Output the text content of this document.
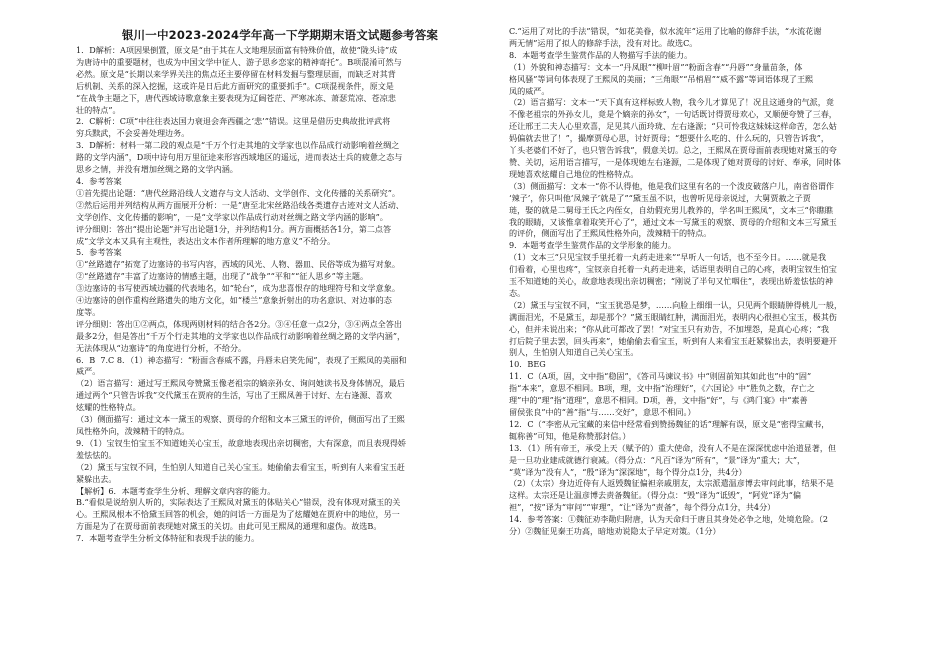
银川一中2023-2024学年高一下学期期末语文试题参考答案

1．D解析：A项因果倒置，原文是“由于其在人文地理层面富有特殊价值，故使“陇头诗”成

为唐诗中的重要题材，也成为中国文学中征人、游子思乡恋家的精神寄托”。B项混淆可然与

必然。原文是“长期以来学界关注的焦点还主要停留在材料发掘与整理层面，而缺乏对其背

后机制、关系的深入挖掘，这或许是日后此方面研究的重要抓手”。C项混视条件，原文是

“在战争主题之下，唐代西域诗歌意象主要表现为辽阔苍茫、严寒冰冻、萧瑟荒凉、苍凉悲

壮的特点”。

2．C解析：C项“中往往表达国力衰退会奔西疆之‘悲’”错误。这里是借历史典故批评武将

穷兵黩武，不会妥善处理边务。

3．D解析：材料一第二段的观点是“千万个行走其地的文学家也以作品成行动影响着丝绸之

路的文学内涵”，D项中诗句用万里征途来形容西域地区的遥远，进而表达士兵的疲惫之态与

思乡之情，并没有增加丝绸之路的文学内涵。

4．参考答案

①首先提出论题：“唐代丝路沿线人文遗存与文人活动、文学创作、文化传播的关系研究”。

②然后运用并列结构从两方面展开分析：一是“唐至北宋丝路沿线各类遗存古迹对文人活动、

文学创作、文化传播的影响”，一是“文学家以作品成行动对丝绸之路文学内涵的影响”。

评分细则：答出“提出论题”并写出论题1分，并列结构1分。两方面概括各1分，第二点答

成“文学文本又具有主观性，表达出文本作者所理解的地方意义”不给分。

5．参考答案

①“丝路遗存”拓宽了边塞诗的书写内容，西域的风光、人物、器皿、民俗等成为描写对象。

②“丝路遗存”丰富了边塞诗的情感主题，出现了“战争”“平和”“征人思乡”等主题。

③边塞诗的书写使西域边疆的代表地名，如“轮台”，成为悲喜恨存的地理符号和文学意象。

④边塞诗的创作重构丝路遗失的地方文化，如“楼兰”意象折射出的功名意识、对边事的态

度等。

评分细则：答出①②两点，体现两则材料的结合各2分。③④任意一点2分，③④两点全答出

最多2分，但是答出“千万个行走其地的文学家也以作品成行动影响着丝绸之路的文学内涵”，

无法体现从“边塞诗”的角度进行分析，不给分。

6．B  7.C 8．（1）神态描写：“粉面含春威不露，丹唇未启笑先闻”，表现了王熙凤的美丽和

威严。

（2）语言描写：通过写王熙凤夸赞黛玉像老祖宗的嫡亲孙女、询问她读书及身体情况，最后

通过两个“只管告诉我”交代黛玉在贾府的生活，写出了王熙凤善于讨好、左右逢源、喜欢

炫耀的性格特点。

（3）侧面描写：通过文本一黛玉的观察、贾母的介绍和文本三黛玉的评价，侧面写出了王熙

凤性格外向，泼辣精干的特点。

9．（1）宝钗生怕宝玉不知道她关心宝玉，故意地表现出亲切稠密，大有深意，而且表现得娇

羞怯怯的。

（2）黛玉与宝钗不同，生怕别人知道自己关心宝玉。她偷偷去看宝玉，听到有人来看宝玉赶

紧躲出去。

【解析】6．本题考查学生分析、理解文章内容的能力。

B.“看似是说给别人听的，实际表达了王熙凤对黛玉的体贴关心”错误，没有体现对黛玉的关

心。王熙凤根本不恰黛玉回答的机会，她的问话一方面是为了炫耀她在贾府中的地位，另一

方面是为了在贾母面前表现她对黛玉的关切。由此可见王熙凤的通理和虚伪。故选B。

7．本题考查学生分析文体特征和表现手法的能力。

C.“运用了对比的手法”错误，“如花美眷，似水流年”运用了比喻的修辞手法，“水流花谢

两无情”运用了拟人的修辞手法，没有对比。故选C。

8．本题考查学生鉴赏作品的人物描写手法的能力。

（1）外貌和神态描写：文本一“丹凤眼”“柳叶眉”“粉面含春”“丹唇”“身量苗条，体

格风骚”等词句体表现了王熙凤的美丽；“三角眼”“吊梢眉”“威不露”等词语体现了王熙

凤的威严。

（2）语言描写：文本一“天下真有这样标致人物，我今儿才算见了！况且这通身的气派，竟

不像老祖宗的外孙女儿，竟是个嫡亲的孙女”，一句话既讨得贾母欢心，又顺便夸赞了三春，

还让邢王二夫人心里欢喜，足见其八面玲珑、左右逢源；“只可怜我这妹妹这样命苦，怎么姑

妈偏就去世了！”，撮摩贾母心思，讨好贾母；“想要什么吃的、什么玩的，只管告诉我”，

丫头老婆们不好了，也只管告诉我”，假意关切。总之，王熙凤在贾母面前表现她对黛玉的夸

赞、关切，运用语言描写，一是体现她左右逢源，二是体现了她对贾母的讨好、奉承，同时体

现她喜欢炫耀自己地位的性格特点。

（3）侧面描写：文本一“你不认得他，他是我们这里有名的一个泼皮破落户儿，南省俗谓作

‘辣子’，你只叫他‘凤辣子’就是了”“黛玉虽不识，也曾听见母亲说过，大舅贾赦之子贾

琏，娶的就是二舅母王氏之内侄女，自幼假充男儿教养的，学名叫王熙凤”，文本三“你瞧瞧

我的眼睛，又该惟拿着取笑开心了”，通过文本一写黛玉的观察、贾母的介绍和文本三写黛玉

的评价，侧面写出了王熙凤性格外向，泼辣精干的特点。

9．本题考查学生鉴赏作品的文学形象的能力。

（1）文本三“只见宝钗手里托着一丸药走进来”“早听人一句话，也不至今日。……就是我

们看着，心里也疼”，宝钗亲自托着一丸药走进来，话语里表明自己的心疼，表明宝钗生怕宝

玉不知道她的关心，故意地表现出亲切稠密；“刚说了半句又忙咽住”，表现出娇羞怯怯的神

态。

（2）黛玉与宝钗不同，“宝玉犹恐是梦，……向脸上细细一认，只见两个眼睛肿得桃儿一般，

满面泪光，不是黛玉，却是那个？”黛玉眼睛红肿，满面泪光，表明内心很担心宝玉，极其伤

心，但并未说出来；“你从此可都改了罢！”对宝玉只有劝告，不加埋怨，是真心心疼；“我

打后院子里去罢，回头再来”，她偷偷去看宝玉，听到有人来看宝玉赶紧躲出去，表明要避开

别人，生怕别人知道自己关心宝玉。

10．BEG

11．C（A项，固，文中指“稳固”，《答司马谏议书》中“则固前知其如此也”中的“固”

指“本来”，意思不相同。B项，理，文中指“治理好”，《六国论》中“胜负之数，存亡之

理”中的“理”指“道理”，意思不相同。D项，善，文中指“好”，与《鸿门宴》中“素善

留侯张良”中的“善”指“与……交好”，意思不相同。）

12．C（“李密从元宝藏的来信中经常看到赞扬魏征的话”理解有误，原文是“密得宝藏书，

辄称善”可知，他是称赞那封信。）

13．（1）所有帝王，承受上天（赋予的）重大使命，没有人不是在深深忧虑中治道显著，但

是一旦功业建成就德行衰减。（得分点：“凡百”译为“所有”，“景”译为“重大；大”，

“莫”译为“没有人”，“殷”译为“深深地”，每个得分点1分，共4分）

（2）（太宗）身边近侍有人返毁魏征偏袒亲戚朋友，太宗派遣温彦博去审问此事，结果不是

这样。太宗还是让温彦博去责备魏征。（得分点：“毁”译为“诋毁”，“阿党”译为“偏

袒”，“按”译为“审问”“审理”，“让”译为“责备”，每个得分点1分，共4分）

14．参考答案：①魏征劝李勣归附唐，认为天命归于唐且其身处必争之地，处境危险。（2

分）②魏征见秦王功高，暗地劝说隐太子早定对策。（1分）
